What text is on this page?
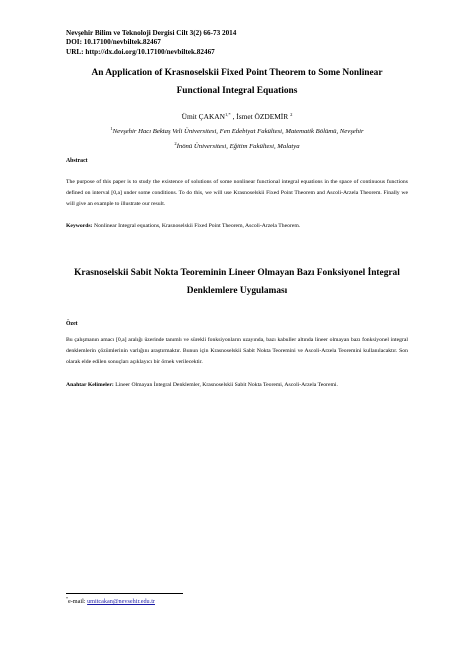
Nevşehir Bilim ve Teknoloji Dergisi Cilt 3(2) 66-73 2014
DOI: 10.17100/nevbiltek.82467
URL: http://dx.doi.org/10.17100/nevbiltek.82467
An Application of Krasnoselskii Fixed Point Theorem to Some Nonlinear
Functional Integral Equations
Ümit $ÇAKAN^{1,*}$ , İsmet ÖZDEMİR $^2$
$^1$Nevşehir Hacı Bektaş Veli Üniversitesi, Fen Edebiyat Fakültesi, Matematik Bölümü, Nevşehir
$^2$İnönü Üniversitesi, Eğitim Fakültesi, Malatya
Abstract
The purpose of this paper is to study the existence of solutions of some nonlinear functional integral equations in the space of continuous functions defined on interval [0,a] under some conditions. To do this, we will use Krasnoselskii Fixed Point Theorem and Ascoli-Arzela Theorem. Finally we will give an example to illustrate our result.
Keywords: Nonlinear Integral equations, Krasnoselskii Fixed Point Theorem, Ascoli-Arzela Theorem.
Krasnoselskii Sabit Nokta Teoreminin Lineer Olmayan Bazı Fonksiyonel İntegral
Denklemlere Uygulaması
Özet
Bu çalışmanın amacı [0,a] aralığı üzerinde tanımlı ve sürekli fonksiyonların uzayında, bazı kabuller altında lineer olmayan bazı fonksiyonel integral denklemlerin çözümlerinin varlığını araştırmaktır. Bunun için Krasnoselskii Sabit Nokta Teoremini ve Ascoli-Arzela Teoremini kullanılacaktır. Son olarak elde edilen sonuçları açıklayıcı bir örnek verilecektir.
Anahtar Kelimeler: Lineer Olmayan İntegral Denklemler, Krasnoselskii Sabit Nokta Teoremi, Ascoli-Arzela Teoremi.
*e-mail: umitcakan@nevsehir.edu.tr
